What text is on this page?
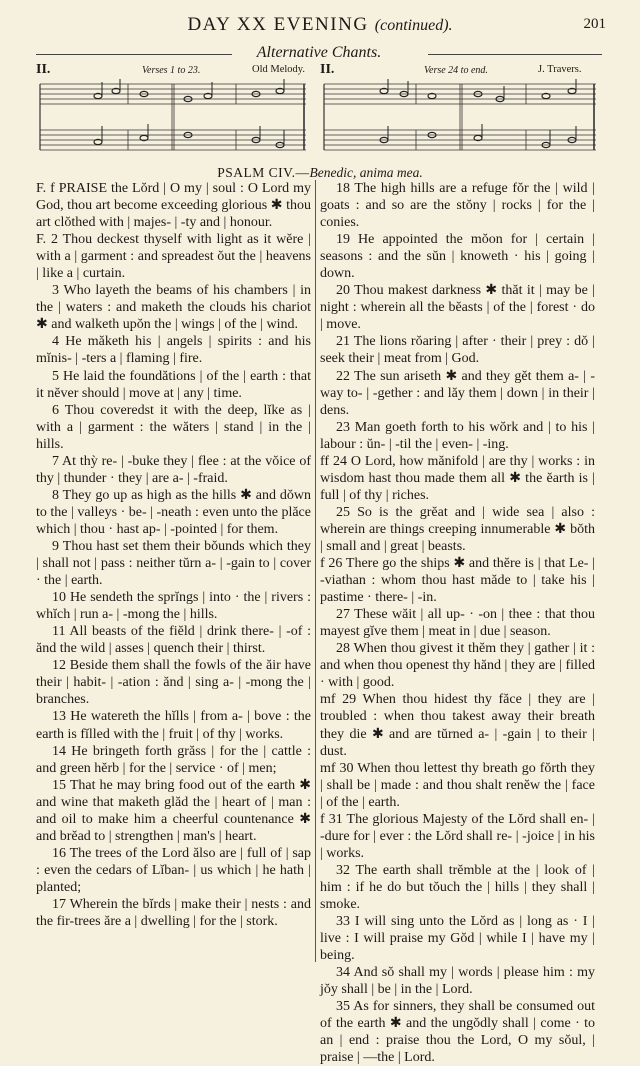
DAY XX EVENING (continued).	201
Alternative Chants.
II.	Verses 1 to 23.	Old Melody. II.	Verse 24 to end.	J. Travers.
PSALM CIV.—Benedic, anima mea.

F. f PRAISE the Lŏrd | O my | soul : O Lord my God, thou art become exceeding glorious ✱ thou art clŏthed with | majes- | -ty and | honour.

F. 2 Thou deckest thyself with light as it wĕre | with a | garment : and spreadest ŏut the | heavens | like a | curtain.

3 Who layeth the beams of his chambers | in the | waters : and maketh the clouds his chariot ✱ and walketh upŏn the | wings | of the | wind.

4 He măketh his | angels | spirits : and his mĭnis- | -ters a | flaming | fire.

5 He laid the foundătions | of the | earth : that it nĕver should | move at | any | time.

6 Thou coveredst it with the deep, lĭke as | with a | garment : the wăters | stand | in the | hills.

7 At thỳ re- | -buke they | flee : at the vŏice of thy | thunder · they | are a- | -fraid.

8 They go up as high as the hills ✱ and dŏwn to the | valleys · be- | -neath : even unto the plăce which | thou · hast ap- | -pointed | for them.

9 Thou hast set them their bŏunds which they | shall not | pass : neither tŭrn a- | -gain to | cover · the | earth.

10 He sendeth the sprĭngs | into · the | rivers : whĭch | run a- | -mong the | hills.

11 All beasts of the fiĕld | drink there- | -of : ănd the wild | asses | quench their | thirst.

12 Beside them shall the fowls of the ăir have their | habit- | -ation : ănd | sing a- | -mong the | branches.

13 He watereth the hĭlls | from a- | bove : the earth is fĭlled with the | fruit | of thy | works.

14 He bringeth forth grăss | for the | cattle : and green hĕrb | for the | service · of | men;

15 That he may bring food out of the earth ✱ and wine that maketh glăd the | heart of | man : and oil to make him a cheerful countenance ✱ and brĕad to | strengthen | man's | heart.

16 The trees of the Lord ălso are | full of | sap : even the cedars of Lĭban- | us which | he hath | planted;

17 Wherein the bĭrds | make their | nests : and the fir-trees ăre a | dwelling | for the | stork.

18 The high hills are a refuge fŏr the | wild | goats : and so are the stŏny | rocks | for the | conies.

19 He appointed the mŏon for | certain | seasons : and the sŭn | knoweth · his | going | down.

20 Thou makest darkness ✱ thăt it | may be | night : wherein all the bĕasts | of the | forest · do | move.

21 The lions rŏaring | after · their | prey : dŏ | seek their | meat from | God.

22 The sun ariseth ✱ and they gĕt them a- | -way to- | -gether : and lăy them | down | in their | dens.

23 Man goeth forth to his wŏrk and | to his | labour : ŭn- | -til the | even- | -ing.

ff 24 O Lord, how mănifold | are thy | works : in wisdom hast thou made them all ✱ the ĕarth is | full | of thy | riches.

25 So is the grĕat and | wide sea | also : wherein are things creeping innumerable ✱ bŏth | small and | great | beasts.

f 26 There go the ships ✱ and thĕre is | that Le- | -viathan : whom thou hast măde to | take his | pastime · there- | -in.

27 These wăit | all up- · -on | thee : that thou mayest gĭve them | meat in | due | season.

28 When thou givest it thĕm they | gather | it : and when thou openest thy hănd | they are | filled · with | good.

mf 29 When thou hidest thy făce | they are | troubled : when thou takest away their breath they die ✱ and are tŭrned a- | -gain | to their | dust.

mf 30 When thou lettest thy breath go fŏrth they | shall be | made : and thou shalt renĕw the | face | of the | earth.

f 31 The glorious Majesty of the Lŏrd shall en- | -dure for | ever : the Lŏrd shall re- | -joice | in his | works.

32 The earth shall trĕmble at the | look of | him : if he do but tŏuch the | hills | they shall | smoke.

33 I will sing unto the Lŏrd as | long as · I | live : I will praise my Gŏd | while I | have my | being.

34 And sŏ shall my | words | please him : my jŏy shall | be | in the | Lord.

35 As for sinners, they shall be consumed out of the earth ✱ and the ungŏdly shall | come · to an | end : praise thou the Lord, O my sŏul, | praise | —the | Lord.
